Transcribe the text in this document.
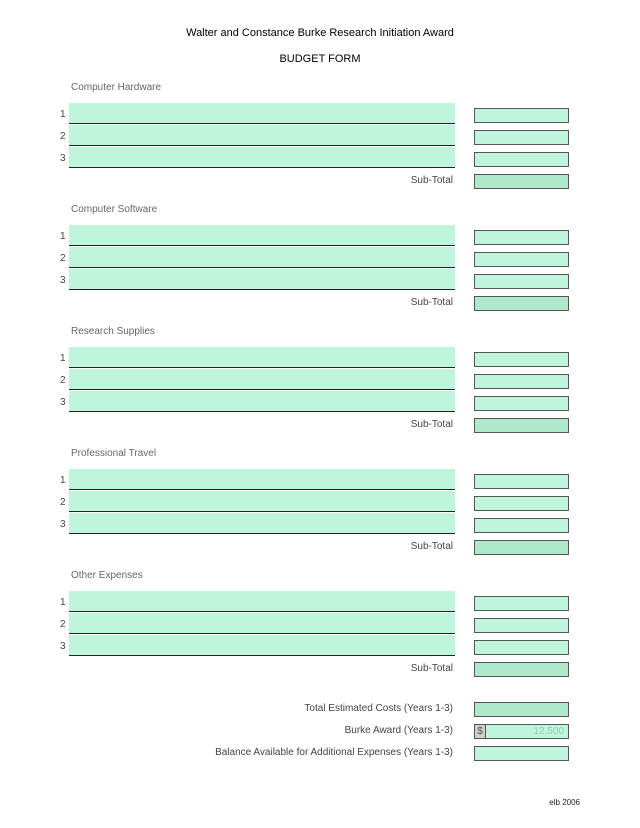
Walter and Constance Burke Research Initiation Award
BUDGET FORM
Computer Hardware
1
2
3
Sub-Total
Computer Software
1
2
3
Sub-Total
Research Supplies
1
2
3
Sub-Total
Professional Travel
1
2
3
Sub-Total
Other Expenses
1
2
3
Sub-Total
Total Estimated Costs (Years 1-3)
Burke Award (Years 1-3) $	12,500
Balance Available for Additional Expenses (Years 1-3)
elb 2006
